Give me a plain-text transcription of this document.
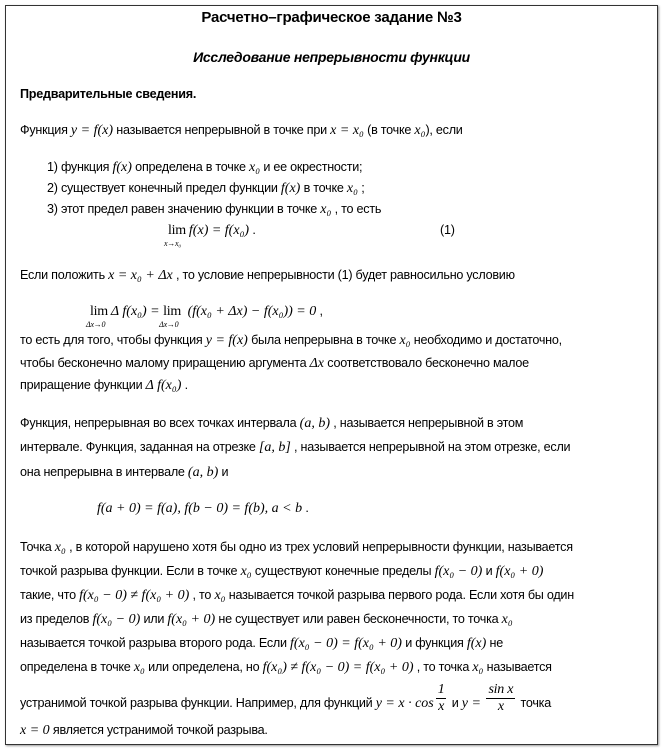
Расчетно–графическое задание №3
Исследование непрерывности функции
Предварительные сведения.
Функция y = f(x) называется непрерывной в точке при x = x₀ (в точке x₀), если
1) функция f(x) определена в точке x₀ и ее окрестности;
2) существует конечный предел функции f(x) в точке x₀ ;
3) этот предел равен значению функции в точке x₀ , то есть
lim
x→x₀
f(x) = f(x₀) .	(1)
Если положить x = x₀ + Δx , то условие непрерывности (1) будет равносильно условию
lim
Δx→0
Δ f(x₀) = lim
Δx→0
(f(x₀ + Δx) − f(x₀)) = 0 ,
то есть для того, чтобы функция y = f(x) была непрерывна в точке x₀ необходимо и достаточно,
чтобы бесконечно малому приращению аргумента Δx соответствовало бесконечно малое
приращение функции Δ f(x₀) .
Функция, непрерывная во всех точках интервала (a, b) , называется непрерывной в этом
интервале. Функция, заданная на отрезке [a, b] , называется непрерывной на этом отрезке, если
она непрерывна в интервале (a, b) и
f(a + 0) = f(a), f(b − 0) = f(b), a < b .
Точка x₀ , в которой нарушено хотя бы одно из трех условий непрерывности функции, называется
точкой разрыва функции. Если в точке x₀ существуют конечные пределы f(x₀ − 0) и f(x₀ + 0)
такие, что f(x₀ − 0) ≠ f(x₀ + 0) , то x₀ называется точкой разрыва первого рода. Если хотя бы один
из пределов f(x₀ − 0) или f(x₀ + 0) не существует или равен бесконечности, то точка x₀
называется точкой разрыва второго рода. Если f(x₀ − 0) = f(x₀ + 0) и функция f(x) не
определена в точке x₀ или определена, но f(x₀) ≠ f(x₀ − 0) = f(x₀ + 0) , то точка x₀ называется
устранимой точкой разрыва функции. Например, для функций $y = x \cdot \cos \frac{1}{x}$ и $y = \frac{\text{sin x}}{x}$ точка
x = 0 является устранимой точкой разрыва.
